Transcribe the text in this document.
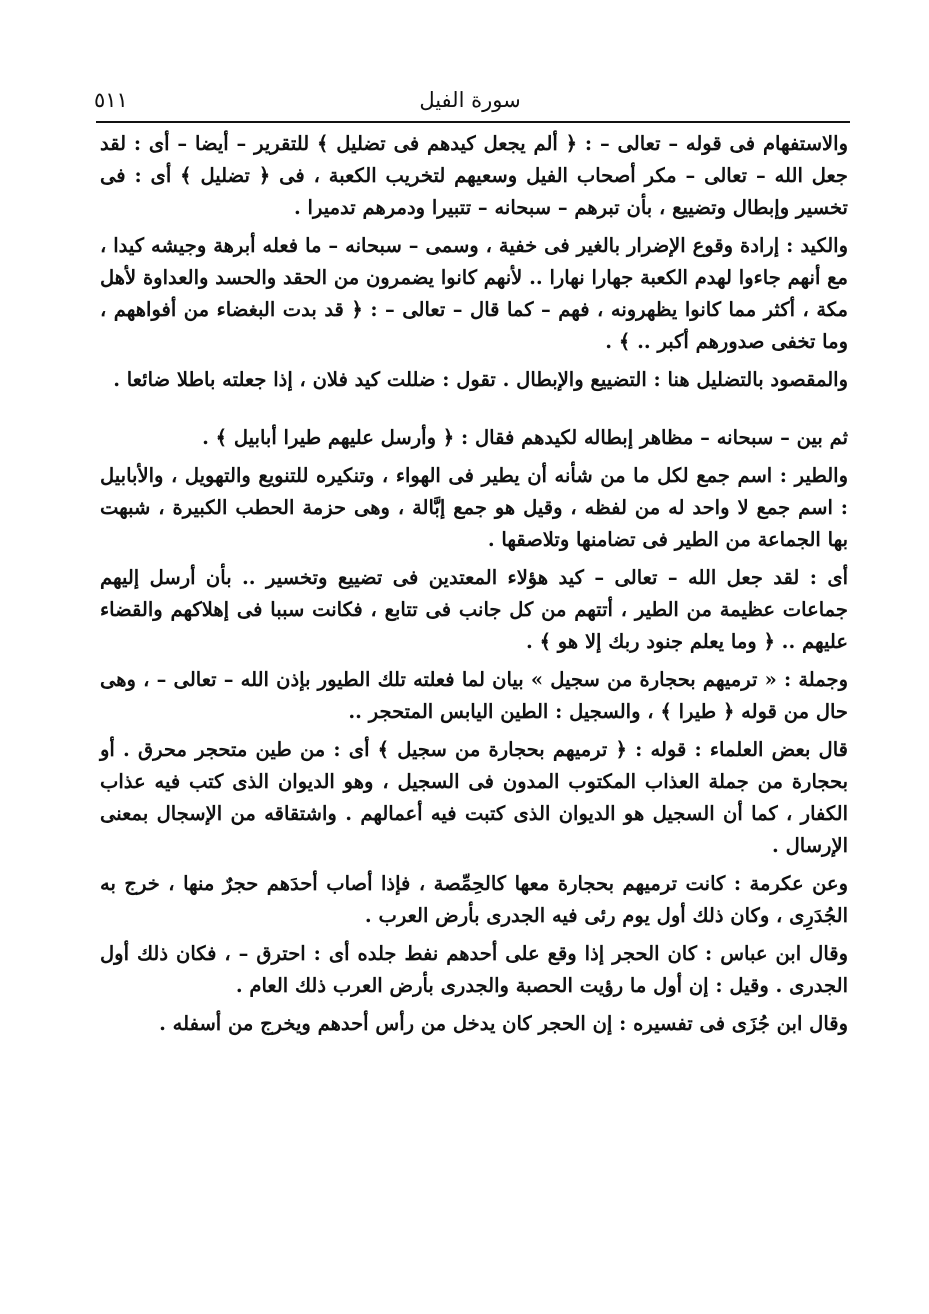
سورة الفيل
٥١١

والاستفهام فى قوله – تعالى – : ﴿ ألم يجعل كيدهم فى تضليل ﴾ للتقرير – أيضا – أى : لقد جعل الله – تعالى – مكر أصحاب الفيل وسعيهم لتخريب الكعبة ، فى ﴿ تضليل ﴾ أى : فى تخسير وإبطال وتضييع ، بأن تبرهم – سبحانه – تتبيرا ودمرهم تدميرا .

والكيد : إرادة وقوع الإضرار بالغير فى خفية ، وسمى – سبحانه – ما فعله أبرهة وجيشه كيدا ، مع أنهم جاءوا لهدم الكعبة جهارا نهارا .. لأنهم كانوا يضمرون من الحقد والحسد والعداوة لأهل مكة ، أكثر مما كانوا يظهرونه ، فهم – كما قال – تعالى – : ﴿ قد بدت البغضاء من أفواههم ، وما تخفى صدورهم أكبر .. ﴾ .

والمقصود بالتضليل هنا : التضييع والإبطال . تقول : ضللت كيد فلان ، إذا جعلته باطلا ضائعا .

ثم بين – سبحانه – مظاهر إبطاله لكيدهم فقال : ﴿ وأرسل عليهم طيرا أبابيل ﴾ .

والطير : اسم جمع لكل ما من شأنه أن يطير فى الهواء ، وتنكيره للتنويع والتهويل ، والأبابيل : اسم جمع لا واحد له من لفظه ، وقيل هو جمع إبَّالة ، وهى حزمة الحطب الكبيرة ، شبهت بها الجماعة من الطير فى تضامنها وتلاصقها .

أى : لقد جعل الله – تعالى – كيد هؤلاء المعتدين فى تضييع وتخسير .. بأن أرسل إليهم جماعات عظيمة من الطير ، أتتهم من كل جانب فى تتابع ، فكانت سببا فى إهلاكهم والقضاء عليهم .. ﴿ وما يعلم جنود ربك إلا هو ﴾ .

وجملة : « ترميهم بحجارة من سجيل » بيان لما فعلته تلك الطيور بإذن الله – تعالى – ، وهى حال من قوله ﴿ طيرا ﴾ ، والسجيل : الطين اليابس المتحجر ..

قال بعض العلماء : قوله : ﴿ ترميهم بحجارة من سجيل ﴾ أى : من طين متحجر محرق . أو بحجارة من جملة العذاب المكتوب المدون فى السجيل ، وهو الديوان الذى كتب فيه عذاب الكفار ، كما أن السجيل هو الديوان الذى كتبت فيه أعمالهم . واشتقاقه من الإسجال بمعنى الإرسال .

وعن عكرمة : كانت ترميهم بحجارة معها كالحِمِّصة ، فإذا أصاب أحدَهم حجرٌ منها ، خرج به الجُدَرِى ، وكان ذلك أول يوم رئى فيه الجدرى بأرض العرب .

وقال ابن عباس : كان الحجر إذا وقع على أحدهم نفط جلده أى : احترق – ، فكان ذلك أول الجدرى . وقيل : إن أول ما رؤيت الحصبة والجدرى بأرض العرب ذلك العام .

وقال ابن جُزَى فى تفسيره : إن الحجر كان يدخل من رأس أحدهم ويخرج من أسفله .
